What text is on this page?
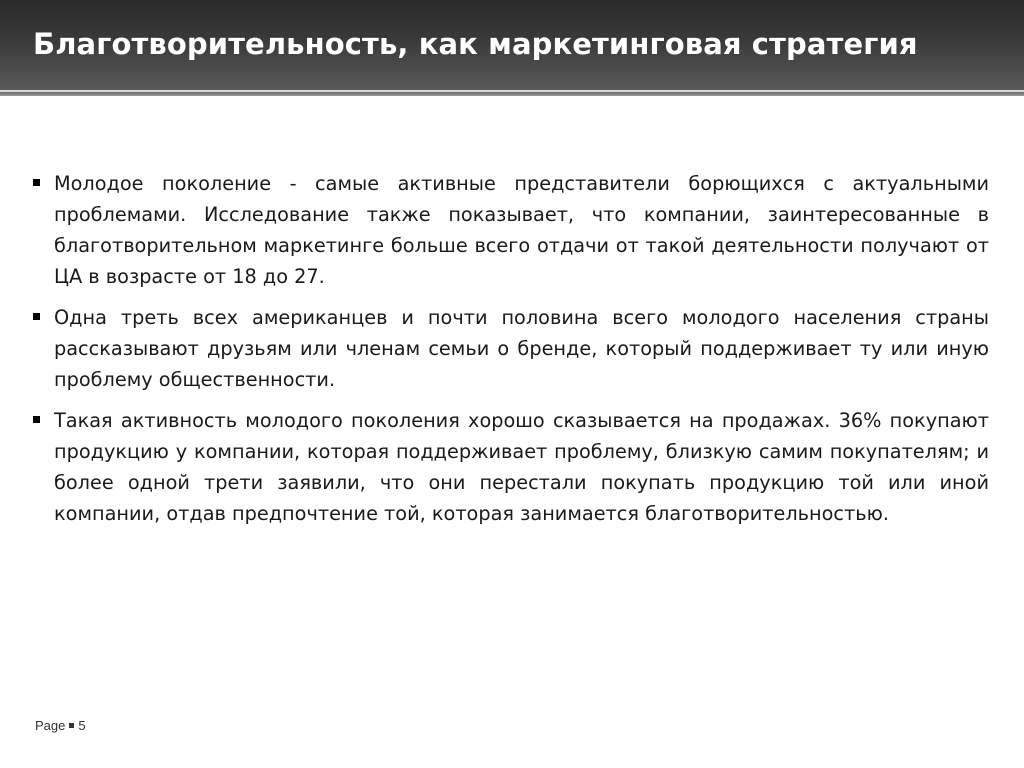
Благотворительность, как маркетинговая стратегия
Молодое поколение - самые активные представители борющихся с актуальными проблемами. Исследование также показывает, что компании, заинтересованные в благотворительном маркетинге больше всего отдачи от такой деятельности получают от ЦА в возрасте от 18 до 27.
Одна треть всех американцев и почти половина всего молодого населения страны рассказывают друзьям или членам семьи о бренде, который поддерживает ту или иную проблему общественности.
Такая активность молодого поколения хорошо сказывается на продажах. 36% покупают продукцию у компании, которая поддерживает проблему, близкую самим покупателям; и более одной трети заявили, что они перестали покупать продукцию той или иной компании, отдав предпочтение той, которая занимается благотворительностью.
Page 5
